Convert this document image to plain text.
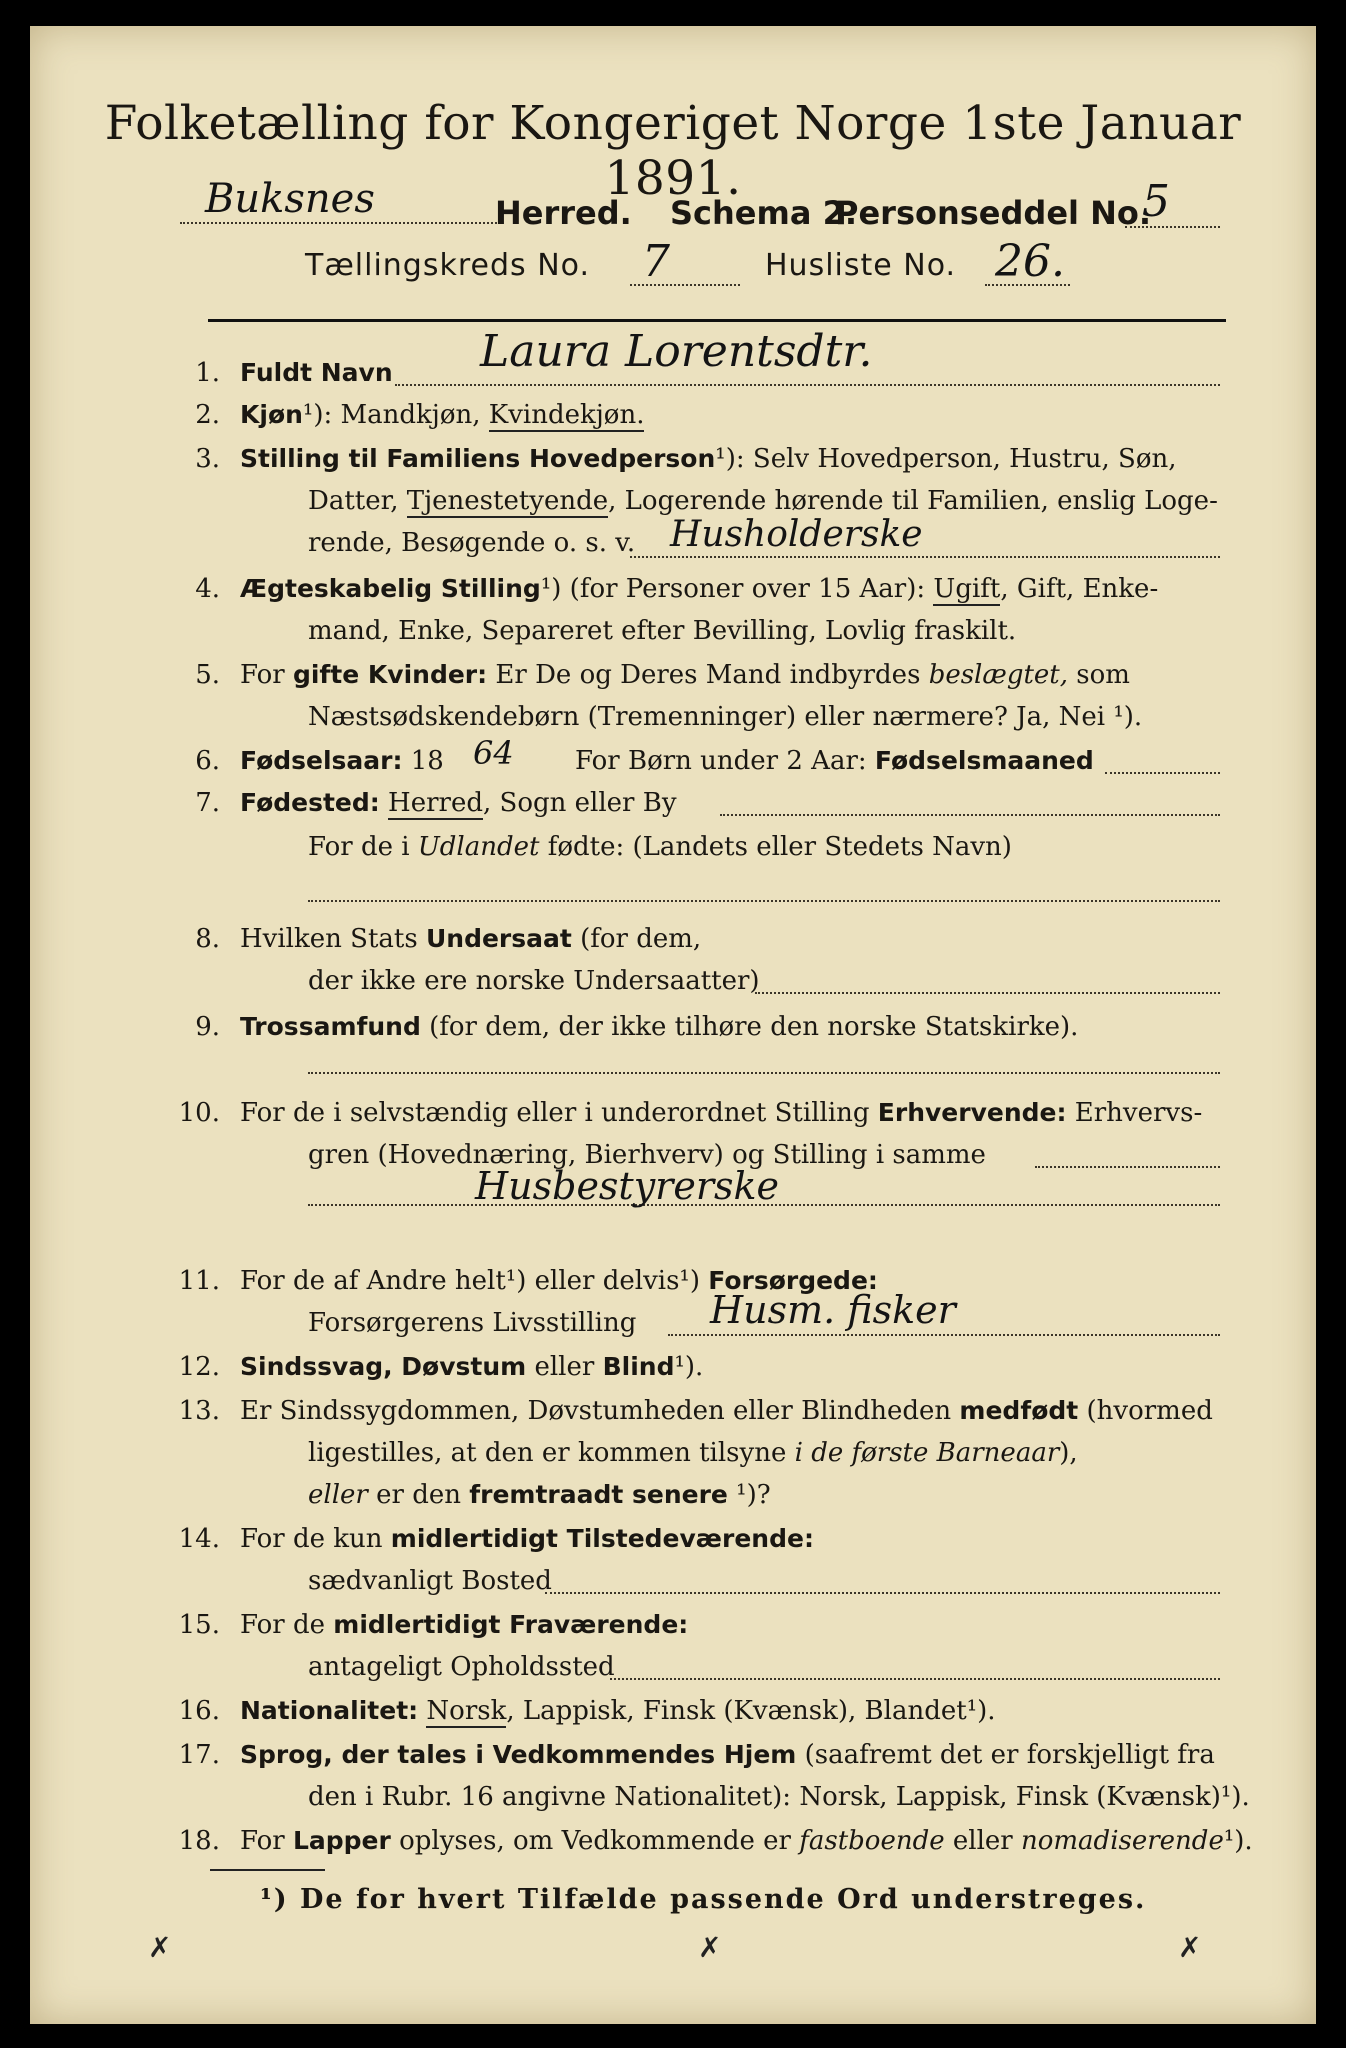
Folketælling for Kongeriget Norge 1ste Januar 1891.
Buksnes	Herred. Schema 2.
Personseddel No.
5
Tællingskreds No. 7	Husliste No. 26.
1. Fuldt Navn Laura Lorentsdtr.
2. Kjøn¹): Mandkjøn, Kvindekjøn.
3. Stilling til Familiens Hovedperson¹): Selv Hovedperson, Hustru, Søn,
Datter, Tjenestetyende, Logerende hørende til Familien, enslig Loge-
rende, Besøgende o. s. v. Husholderske
4. Ægteskabelig Stilling¹) (for Personer over 15 Aar): Ugift, Gift, Enke-
mand, Enke, Separeret efter Bevilling, Lovlig fraskilt.
5. For gifte Kvinder: Er De og Deres Mand indbyrdes beslægtet, som
Næstsødskendebørn (Tremenninger) eller nærmere? Ja, Nei ¹).
6. Fødselsaar: 18	For Børn under 2 Aar: Fødselsmaaned
64
7. Fødested: Herred, Sogn eller By
For de i Udlandet fødte: (Landets eller Stedets Navn)
8. Hvilken Stats Undersaat (for dem,
der ikke ere norske Undersaatter)
9. Trossamfund (for dem, der ikke tilhøre den norske Statskirke).
10. For de i selvstændig eller i underordnet Stilling Erhvervende: Erhvervs-
gren (Hovednæring, Bierhverv) og Stilling i samme
Husbestyrerske
11. For de af Andre helt¹) eller delvis¹) Forsørgede:
Forsørgerens Livsstilling Husm. fisker
12. Sindssvag, Døvstum eller Blind¹).
13. Er Sindssygdommen, Døvstumheden eller Blindheden medfødt (hvormed
ligestilles, at den er kommen tilsyne i de første Barneaar),
eller er den fremtraadt senere ¹)?
14. For de kun midlertidigt Tilstedeværende:
sædvanligt Bosted
15. For de midlertidigt Fraværende:
antageligt Opholdssted
16. Nationalitet: Norsk, Lappisk, Finsk (Kvænsk), Blandet¹).
17. Sprog, der tales i Vedkommendes Hjem (saafremt det er forskjelligt fra
den i Rubr. 16 angivne Nationalitet): Norsk, Lappisk, Finsk (Kvænsk)¹).
18. For Lapper oplyses, om Vedkommende er fastboende eller nomadiserende¹).
¹) De for hvert Tilfælde passende Ord understreges.
✗	✗	✗
